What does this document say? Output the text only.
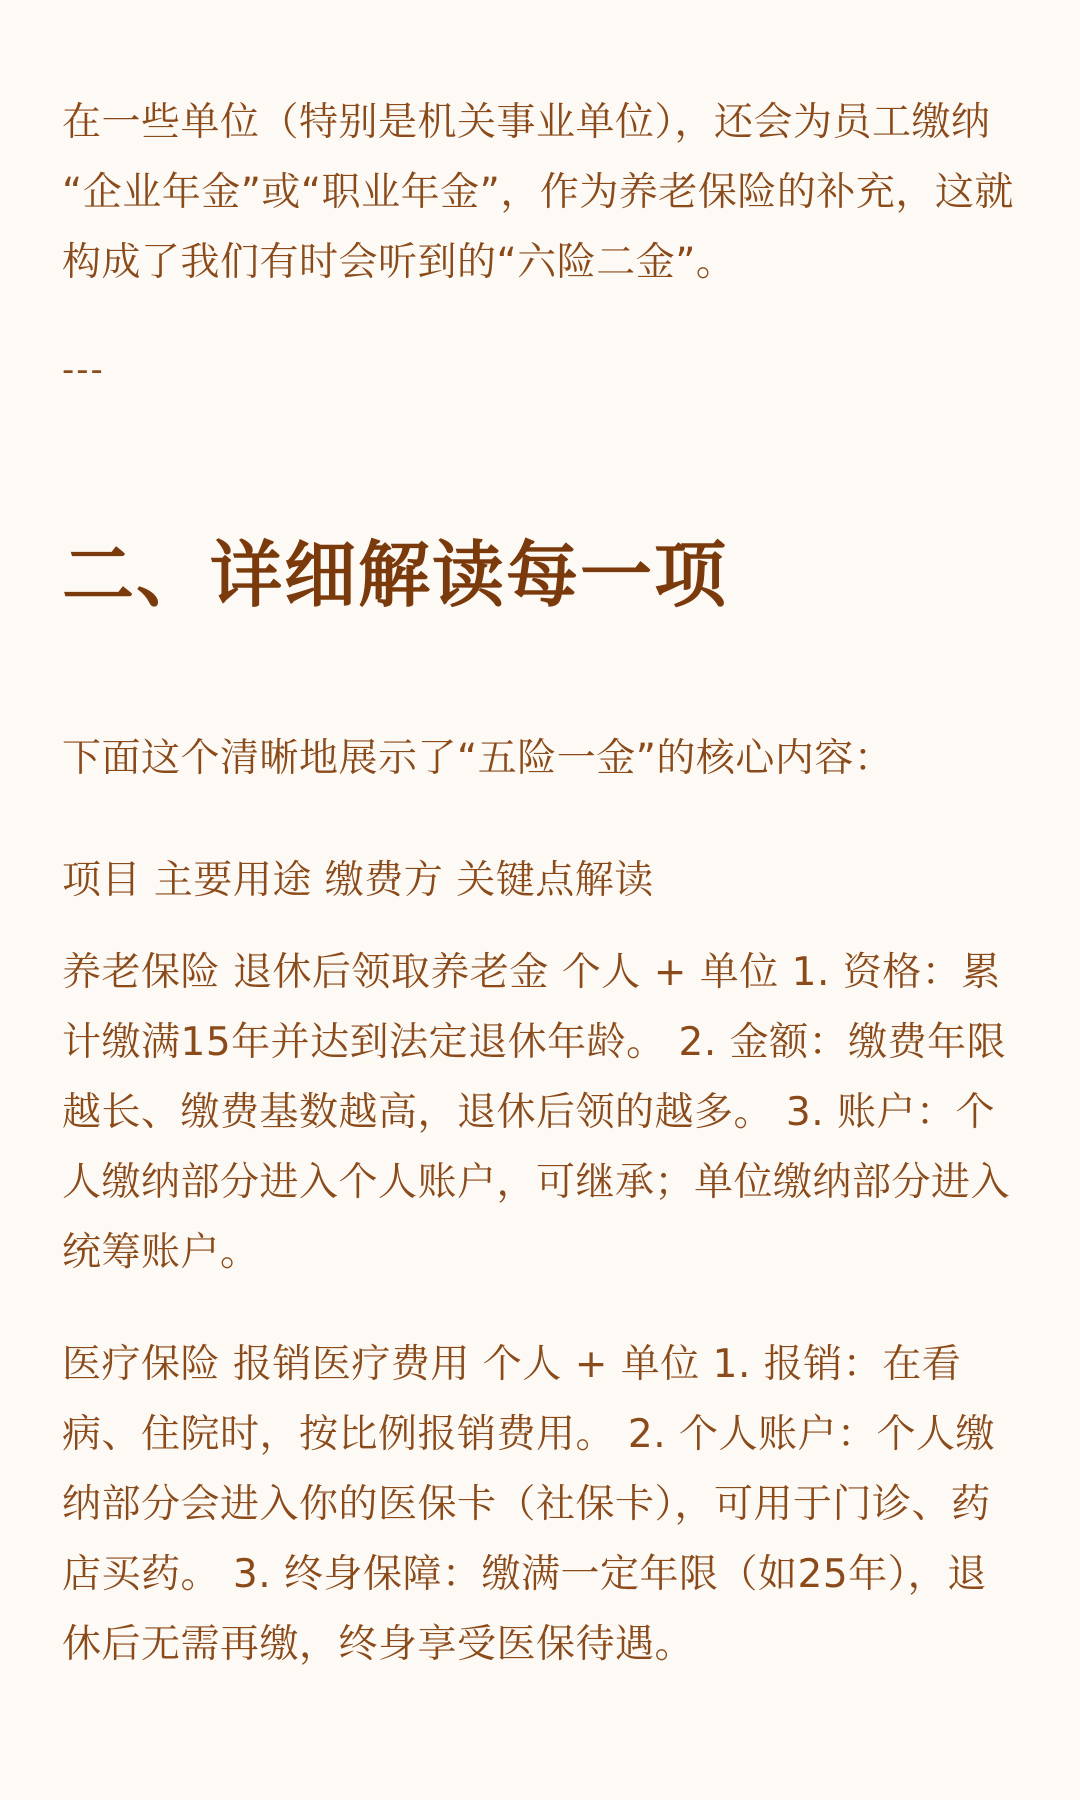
在一些单位（特别是机关事业单位），还会为员工缴纳 “企业年金”或“职业年金”，作为养老保险的补充，这就构成了我们有时会听到的“六险二金”。

---
二、详细解读每一项

下面这个清晰地展示了“五险一金”的核心内容：

项目 主要用途 缴费方 关键点解读

养老保险 退休后领取养老金 个人 + 单位 1. 资格：累计缴满15年并达到法定退休年龄。 2. 金额：缴费年限越长、缴费基数越高，退休后领的越多。 3. 账户：个人缴纳部分进入个人账户，可继承；单位缴纳部分进入统筹账户。

医疗保险 报销医疗费用 个人 + 单位 1. 报销：在看病、住院时，按比例报销费用。 2. 个人账户：个人缴纳部分会进入你的医保卡（社保卡），可用于门诊、药店买药。 3. 终身保障：缴满一定年限（如25年），退休后无需再缴，终身享受医保待遇。
